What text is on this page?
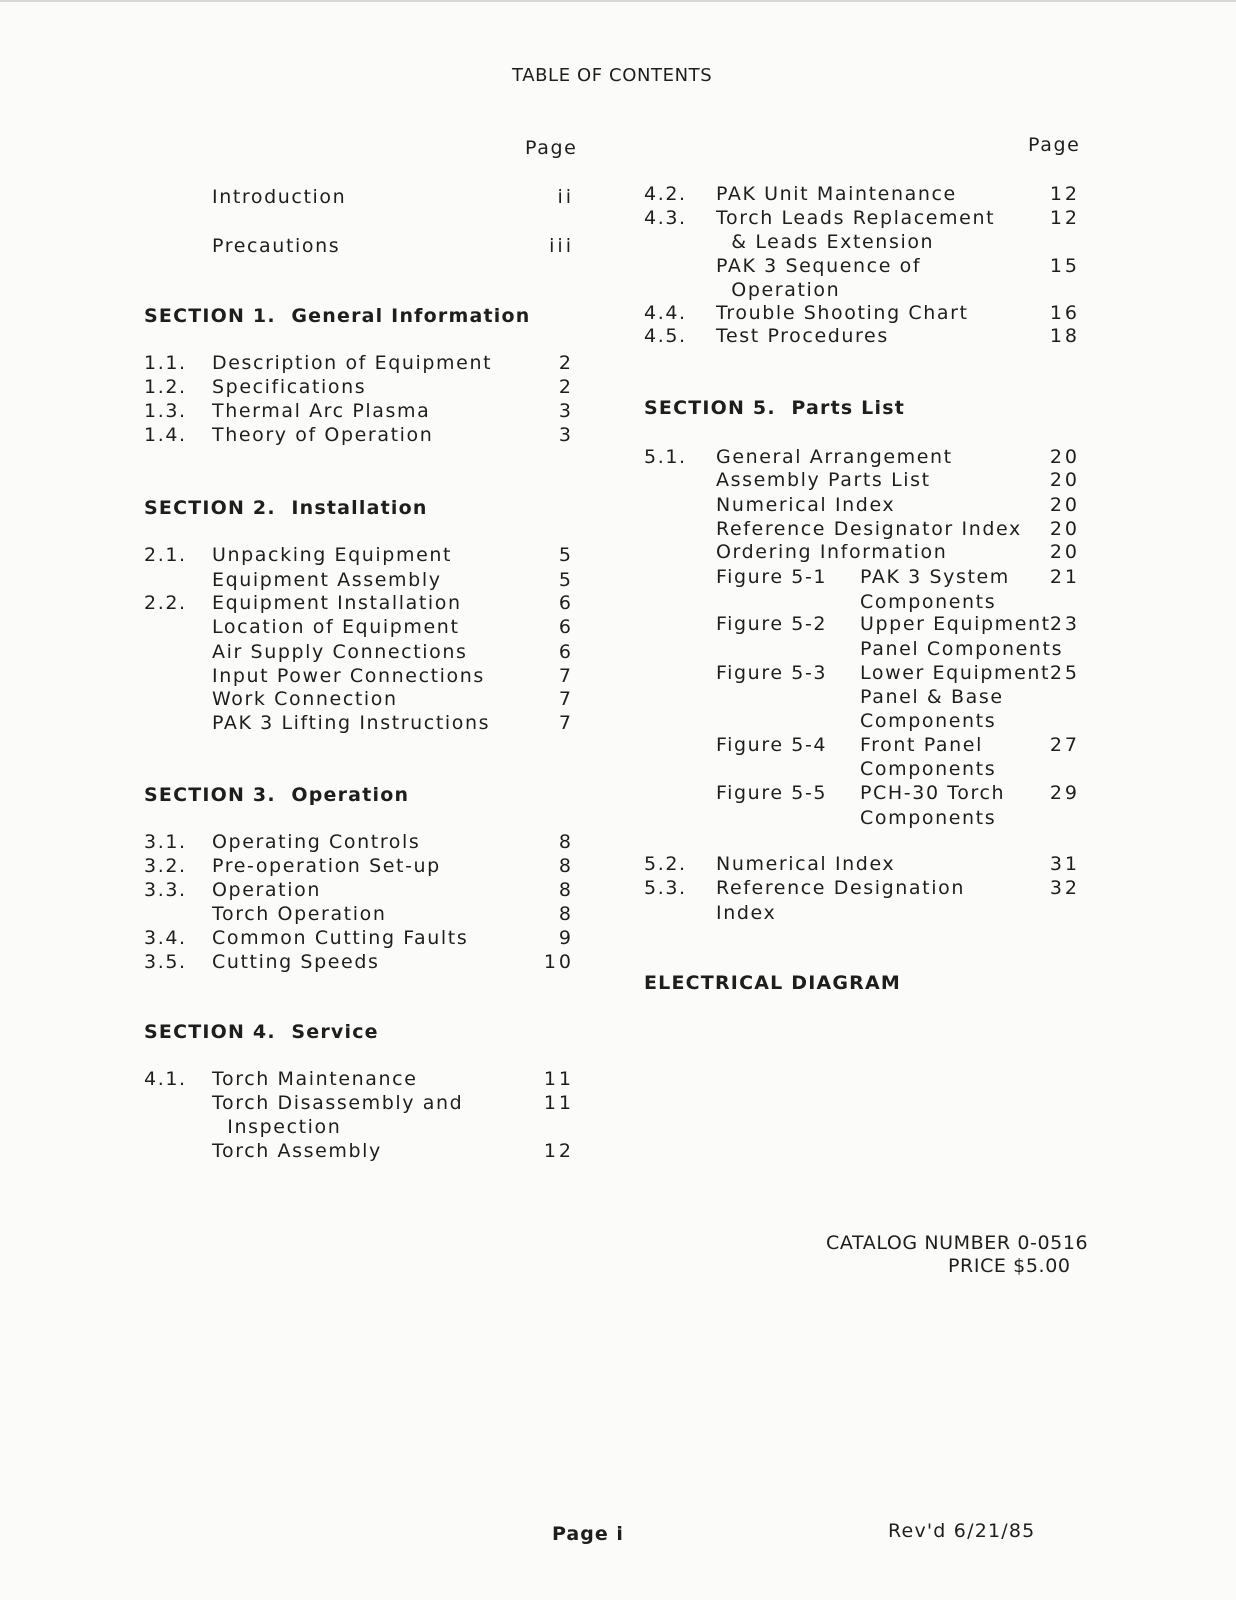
TABLE OF CONTENTS
Page	Page
Introduction	ii
Precautions	iii
SECTION 1.  General Information
1.1. Description of Equipment	2
1.2. Specifications	2
1.3. Thermal Arc Plasma	3
1.4. Theory of Operation	3
SECTION 2.  Installation
2.1. Unpacking Equipment	5
Equipment Assembly	5
2.2. Equipment Installation	6
Location of Equipment	6
Air Supply Connections	6
Input Power Connections	7
Work Connection	7
PAK 3 Lifting Instructions	7
SECTION 3.  Operation
3.1. Operating Controls	8
3.2. Pre-operation Set-up	8
3.3. Operation	8
Torch Operation	8
3.4. Common Cutting Faults	9
3.5. Cutting Speeds	10
SECTION 4.  Service
4.1. Torch Maintenance	11
Torch Disassembly and	11
Inspection
Torch Assembly	12
4.2. PAK Unit Maintenance	12
4.3. Torch Leads Replacement	12
& Leads Extension
PAK 3 Sequence of	15
Operation
4.4. Trouble Shooting Chart	16
4.5. Test Procedures	18
SECTION 5.  Parts List
5.1. General Arrangement	20
Assembly Parts List	20
Numerical Index	20
Reference Designator Index 20
Ordering Information	20
Figure 5-1 PAK 3 System 21
Components
Figure 5-2 Upper Equipment 23
Panel Components
Figure 5-3 Lower Equipment 25
Panel & Base
Components
Figure 5-4 Front Panel	27
Components
Figure 5-5 PCH-30 Torch 29
Components
5.2. Numerical Index	31
5.3. Reference Designation	32
Index
ELECTRICAL DIAGRAM
CATALOG NUMBER 0-0516
PRICE $5.00
Page i	Rev'd 6/21/85
